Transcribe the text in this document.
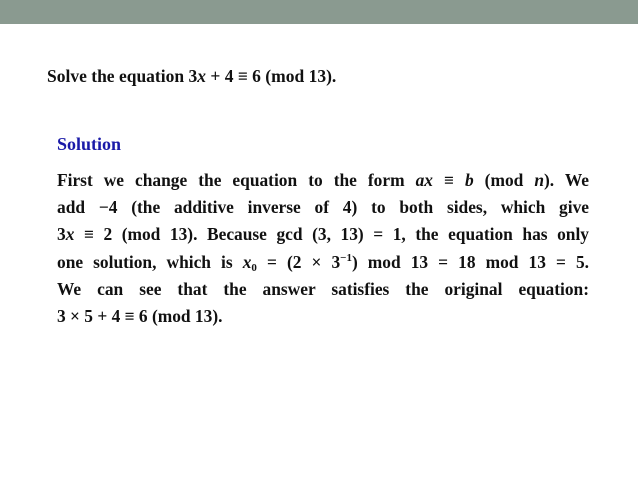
Solve the equation 3x + 4 ≡ 6 (mod 13).
Solution
First we change the equation to the form ax ≡ b (mod n). We
add −4 (the additive inverse of 4) to both sides, which give
3x ≡ 2 (mod 13). Because gcd (3, 13) = 1, the equation has only
one solution, which is $x_0 = (2 \times 3^{-1})$ mod 13 = 18 mod 13 = 5.
We can see that the answer satisfies the original equation:
3 × 5 + 4 ≡ 6 (mod 13).
